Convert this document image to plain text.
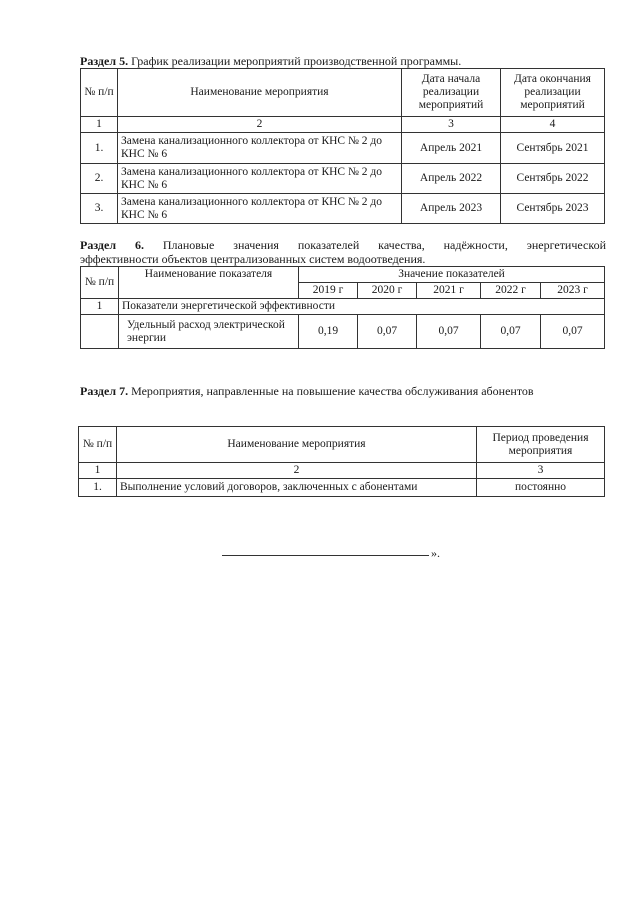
Раздел 5. График реализации мероприятий производственной программы.
№ п/п	Наименование мероприятия	Дата начала реализации мероприятий	Дата окончания реализации мероприятий
1	2	3	4
1.	Замена канализационного коллектора от КНС № 2 до КНС № 6	Апрель 2021	Сентябрь 2021
2.	Замена канализационного коллектора от КНС № 2 до КНС № 6	Апрель 2022	Сентябрь 2022
3.	Замена канализационного коллектора от КНС № 2 до КНС № 6	Апрель 2023	Сентябрь 2023
Раздел 6. Плановые значения показателей качества, надёжности, энергетической
эффективности объектов централизованных систем водоотведения.
№ п/п	Наименование показателя	Значение показателей				
		2019 г	2020 г	2021 г	2022 г	2023 г
1	Показатели энергетической эффективности					
	Удельный расход электрической энергии	0,19	0,07	0,07	0,07	0,07
Раздел 7. Мероприятия, направленные на повышение качества обслуживания абонентов
№ п/п	Наименование мероприятия	Период проведения мероприятия
1	2	3
1.	Выполнение условий договоров, заключенных с абонентами	постоянно
».
